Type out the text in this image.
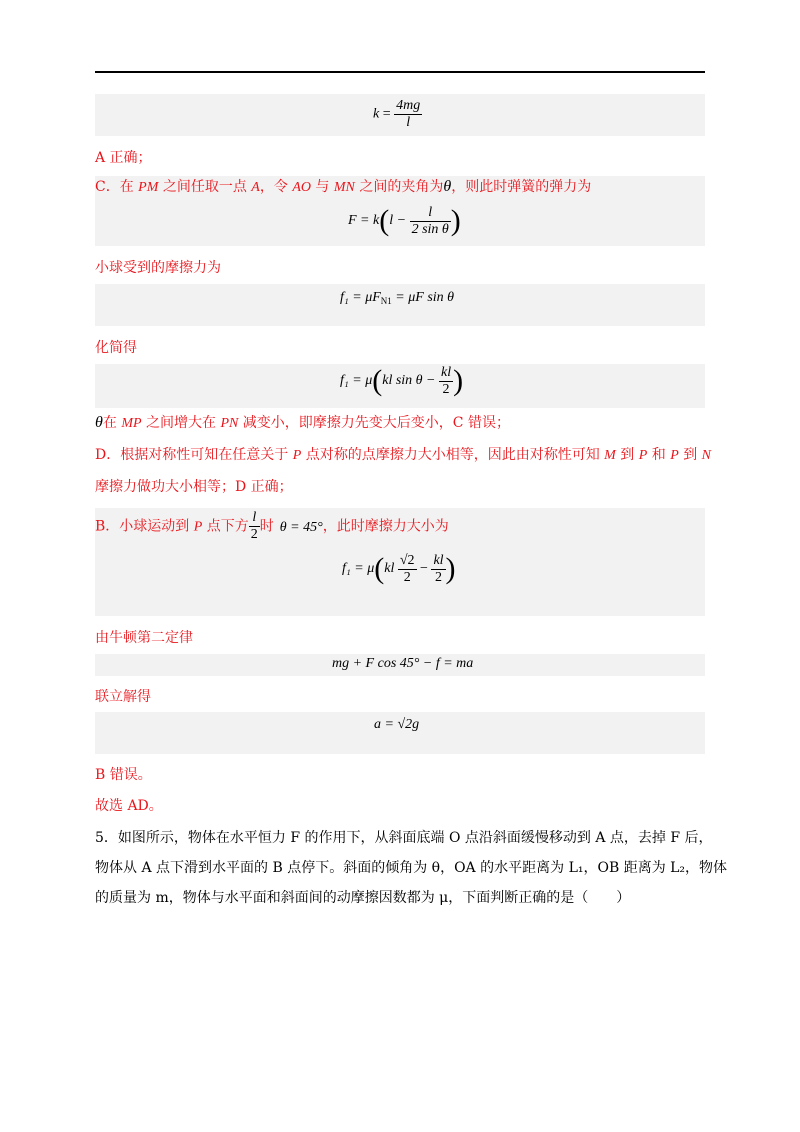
$k = \frac{4mg}{l}$
A 正确；
C．在 PM 之间任取一点 A，令 AO 与 MN 之间的夹角为θ，则此时弹簧的弹力为
$F = k(l - \frac{l}{\text{2 sin θ}}$ )
小球受到的摩擦力为
$f_1 = \mu F_{N1} = \mu F$ sin θ
化简得
f₁ = μ(kl $\sin \theta - \frac{kl}{2}$ )
θ在 MP 之间增大在 PN 减变小，即摩擦力先变大后变小，C 错误；
D．根据对称性可知在任意关于 P 点对称的点摩擦力大小相等，因此由对称性可知 M 到 P 和 P 到 N
摩擦力做功大小相等；D 正确；
B．小球运动到 P 点下方 $\frac{l}{2}$ 时 θ = 45°，此时摩擦力大小为
$f_1 = \mu(kl \frac{√2}{2} - \frac{kl}{2}$ )
由牛顿第二定律
mg + F cos 45° − f = ma
联立解得
a = √2g
B 错误。
故选 AD。
5．如图所示，物体在水平恒力 F 的作用下，从斜面底端 O 点沿斜面缓慢移动到 A 点，去掉 F 后，
物体从 A 点下滑到水平面的 B 点停下。斜面的倾角为 θ，OA 的水平距离为 L₁，OB 距离为 L₂，物体
的质量为 m，物体与水平面和斜面间的动摩擦因数都为 μ，下面判断正确的是（　　）
